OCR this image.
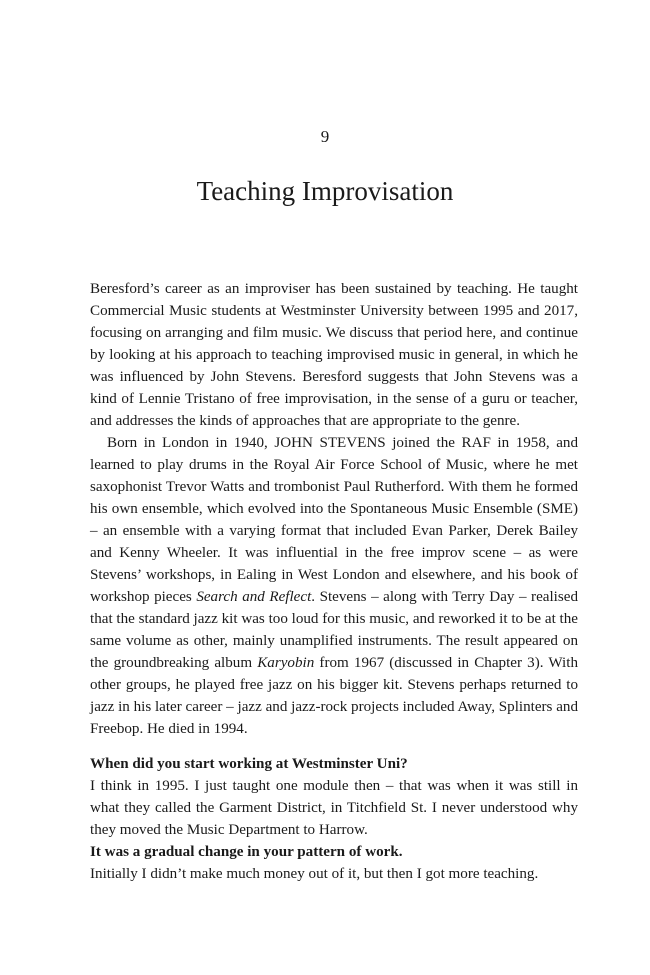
9
Teaching Improvisation

Beresford’s career as an improviser has been sustained by teaching. He taught Commercial Music students at Westminster University between 1995 and 2017, focusing on arranging and film music. We discuss that period here, and continue by looking at his approach to teaching improvised music in general, in which he was influenced by John Stevens. Beresford suggests that John Stevens was a kind of Lennie Tristano of free improvisation, in the sense of a guru or teacher, and addresses the kinds of approaches that are appropriate to the genre.

Born in London in 1940, JOHN STEVENS joined the RAF in 1958, and learned to play drums in the Royal Air Force School of Music, where he met saxophonist Trevor Watts and trombonist Paul Rutherford. With them he formed his own ensemble, which evolved into the Spontaneous Music Ensemble (SME) – an ensemble with a varying format that included Evan Parker, Derek Bailey and Kenny Wheeler. It was influential in the free improv scene – as were Stevens’ workshops, in Ealing in West London and elsewhere, and his book of workshop pieces Search and Reflect. Stevens – along with Terry Day – realised that the standard jazz kit was too loud for this music, and reworked it to be at the same volume as other, mainly unamplified instruments. The result appeared on the groundbreaking album Karyobin from 1967 (discussed in Chapter 3). With other groups, he played free jazz on his bigger kit. Stevens perhaps returned to jazz in his later career – jazz and jazz-rock projects included Away, Splinters and Freebop. He died in 1994.

When did you start working at Westminster Uni?

I think in 1995. I just taught one module then – that was when it was still in what they called the Garment District, in Titchfield St. I never understood why they moved the Music Department to Harrow.

It was a gradual change in your pattern of work.

Initially I didn’t make much money out of it, but then I got more teaching.
